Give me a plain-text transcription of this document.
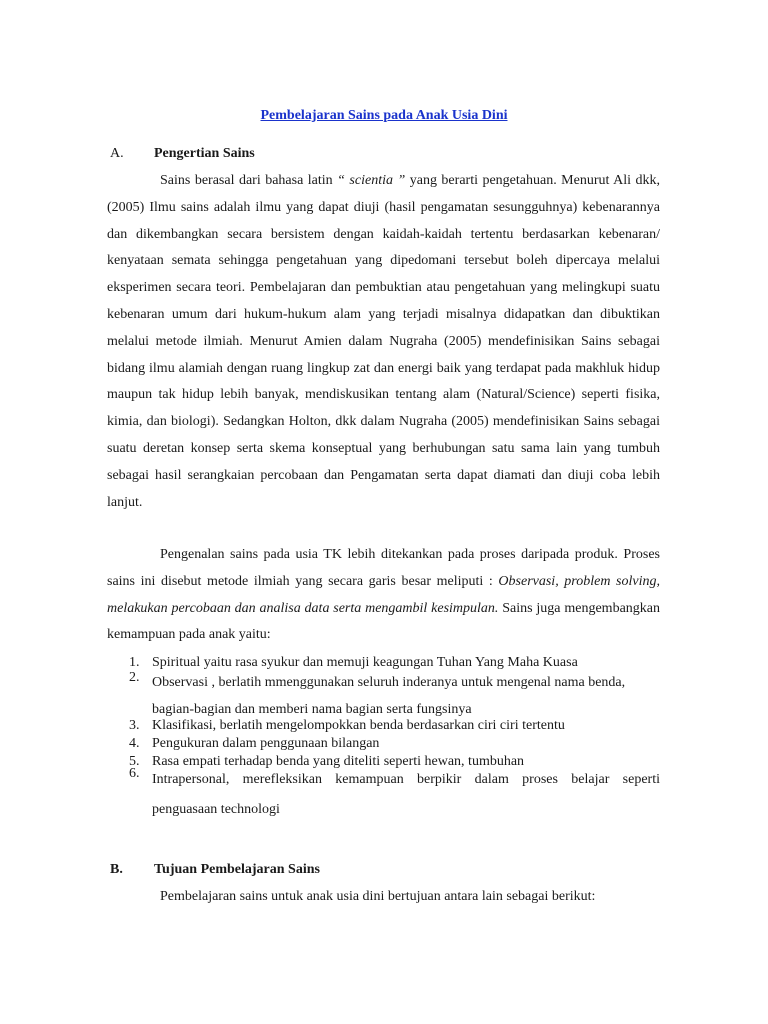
Pembelajaran Sains pada Anak Usia Dini
A. Pengertian Sains
Sains berasal dari bahasa latin “ scientia ” yang berarti pengetahuan. Menurut Ali dkk, (2005) Ilmu sains adalah ilmu yang dapat diuji (hasil pengamatan sesungguhnya) kebenarannya dan dikembangkan secara bersistem dengan kaidah-kaidah tertentu berdasarkan kebenaran/ kenyataan semata sehingga pengetahuan yang dipedomani tersebut boleh dipercaya melalui eksperimen secara teori. Pembelajaran dan pembuktian atau pengetahuan yang melingkupi suatu kebenaran umum dari hukum-hukum alam yang terjadi misalnya didapatkan dan dibuktikan melalui metode ilmiah. Menurut Amien dalam Nugraha (2005) mendefinisikan Sains sebagai bidang ilmu alamiah dengan ruang lingkup zat dan energi baik yang terdapat pada makhluk hidup maupun tak hidup lebih banyak, mendiskusikan tentang alam (Natural/Science) seperti fisika, kimia, dan biologi). Sedangkan Holton, dkk dalam Nugraha (2005) mendefinisikan Sains sebagai suatu deretan konsep serta skema konseptual yang berhubungan satu sama lain yang tumbuh sebagai hasil serangkaian percobaan dan Pengamatan serta dapat diamati dan diuji coba lebih lanjut.
Pengenalan sains pada usia TK lebih ditekankan pada proses daripada produk. Proses sains ini disebut metode ilmiah yang secara garis besar meliputi : Observasi, problem solving, melakukan percobaan dan analisa data serta mengambil kesimpulan. Sains juga mengembangkan kemampuan pada anak yaitu:
1. Spiritual yaitu rasa syukur dan memuji keagungan Tuhan Yang Maha Kuasa
2. Observasi , berlatih mmenggunakan seluruh inderanya untuk mengenal nama benda, bagian-bagian dan memberi nama bagian serta fungsinya
3. Klasifikasi, berlatih mengelompokkan benda berdasarkan ciri ciri tertentu
4. Pengukuran dalam penggunaan bilangan
5. Rasa empati terhadap benda yang diteliti seperti hewan, tumbuhan
6. Intrapersonal, merefleksikan kemampuan berpikir dalam proses belajar seperti penguasaan technologi
B. Tujuan Pembelajaran Sains
Pembelajaran sains untuk anak usia dini bertujuan antara lain sebagai berikut:
